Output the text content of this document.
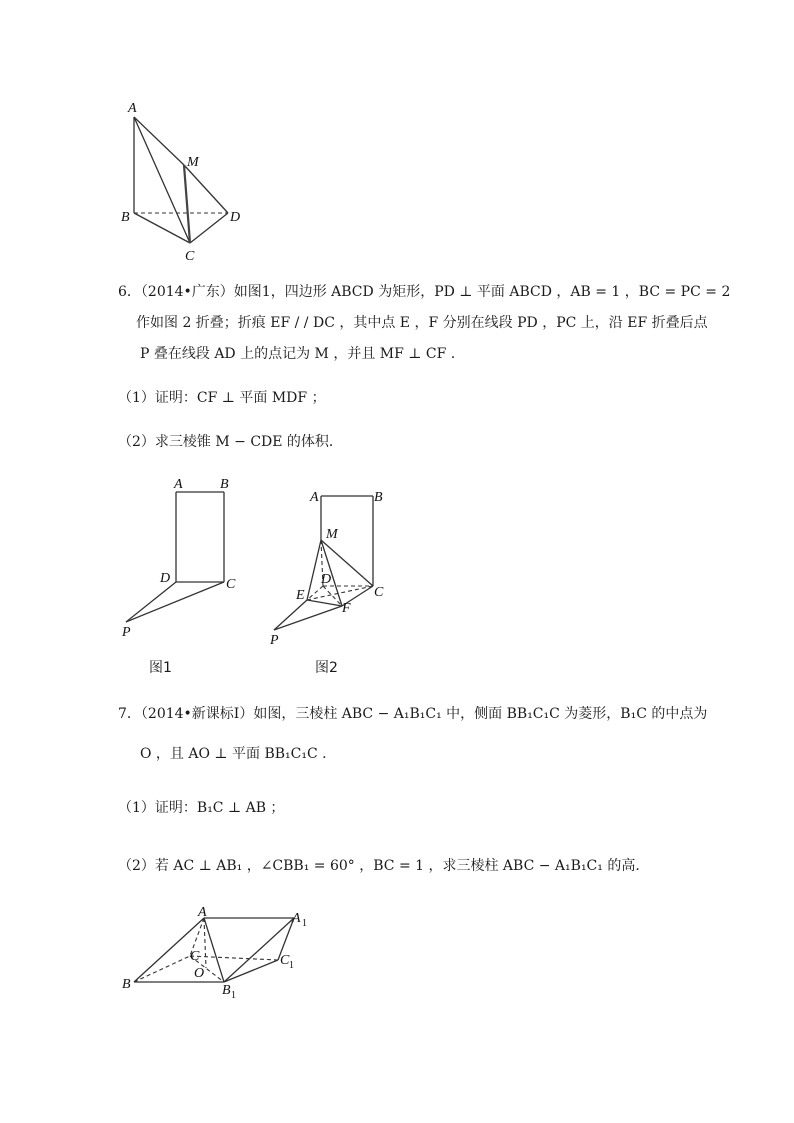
A
M
B	D
C
6．（2014•广东）如图1，四边形 ABCD 为矩形，PD ⊥ 平面 ABCD ，AB = 1 ，BC = PC = 2
作如图 2 折叠；折痕 EF / / DC ，其中点 E ，F 分别在线段 PD ，PC 上，沿 EF 折叠后点
P 叠在线段 AD 上的点记为 M ，并且 MF ⊥ CF .
（1）证明：CF ⊥ 平面 MDF ；
（2）求三棱锥 M − CDE 的体积．
A	B
D	C
P
图1
A	B
M
D
E	C
F
P
图2
7．（2014•新课标Ⅰ）如图，三棱柱 ABC − A₁B₁C₁ 中，侧面 BB₁C₁C 为菱形，B₁C 的中点为
O ，且 AO ⊥ 平面 BB₁C₁C .
（1）证明：B₁C ⊥ AB ；
（2）若 AC ⊥ AB₁ ，∠CBB₁ = 60° ，BC = 1 ，求三棱柱 ABC − A₁B₁C₁ 的高．
A	A 1
C	C 1
O
B	B 1
